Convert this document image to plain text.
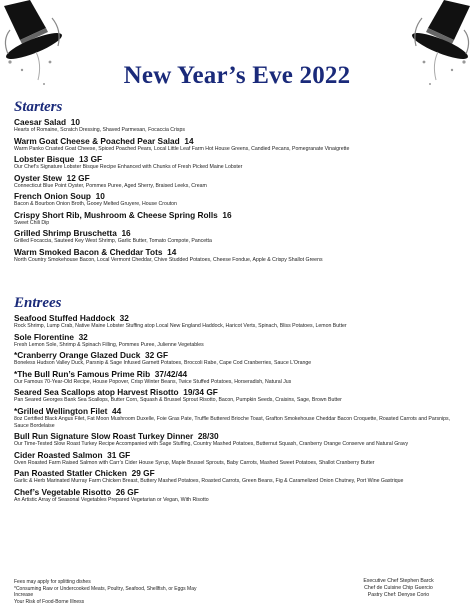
New Year’s Eve 2022
Starters
Caesar Salad 10
Hearts of Romaine, Scratch Dressing, Shaved Parmesan, Focaccia Crisps
Warm Goat Cheese & Poached Pear Salad 14
Warm Panko Crusted Goat Cheese, Spiced Poached Pears, Local Little Leaf Farm Hot House Greens, Candied Pecans, Pomegranate Vinaigrette
Lobster Bisque 13 GF
Our Chef’s Signature Lobster Bisque Recipe Enhanced with Chunks of Fresh Picked Maine Lobster
Oyster Stew 12 GF
Connecticut Blue Point Oyster, Pommes Puree, Aged Sherry, Braised Leeks, Cream
French Onion Soup 10
Bacon & Bourbon Onion Broth, Gooey Melted Gruyere, House Crouton
Crispy Short Rib, Mushroom & Cheese Spring Rolls 16
Sweet Chili Dip
Grilled Shrimp Bruschetta 16
Grilled Focaccia, Sauteed Key West Shrimp, Garlic Butter, Tomato Compote, Pancetta
Warm Smoked Bacon & Cheddar Tots 14
North Country Smokehouse Bacon, Local Vermont Cheddar, Chive Studded Potatoes, Cheese Fondue, Apple & Crispy Shallot Greens
Entrees
Seafood Stuffed Haddock 32
Rock Shrimp, Lump Crab, Native Maine Lobster Stuffing atop Local New England Haddock, Haricot Verts, Spinach, Bliss Potatoes, Lemon Butter
Sole Florentine 32
Fresh Lemon Sole, Shrimp & Spinach Filling, Pommes Puree, Julienne Vegetables
*Cranberry Orange Glazed Duck 32 GF
Boneless Hudson Valley Duck, Parsnip & Sage Infused Garnett Potatoes, Broccoli Rabe, Cape Cod Cranberries, Sauce L’Orange
*The Bull Run’s Famous Prime Rib 37/42/44
Our Famous 70-Year-Old Recipe, House Popover, Crisp Winter Beans, Twice Stuffed Potatoes, Horseradish, Natural Jus
Seared Sea Scallops atop Harvest Risotto 19/34 GF
Pan Seared Georges Bank Sea Scallops, Butter Corn, Squash & Brussel Sprout Risotto, Bacon, Pumpkin Seeds, Craisins, Sage, Brown Butter
*Grilled Wellington Filet 44
8oz Certified Black Angus Filet, Fat Moon Mushroom Duxelle, Foie Gras Pate, Truffle Buttered Brioche Toast, Grafton Smokehouse Cheddar Bacon Croquette, Roasted Carrots and Parsnips, Sauce Bordelaise
Bull Run Signature Slow Roast Turkey Dinner 28/30
Our Time-Tested Slow Roast Turkey Recipe Accompanied with Sage Stuffing, Country Mashed Potatoes, Butternut Squash, Cranberry Orange Conserve and Natural Gravy
Cider Roasted Salmon 31 GF
Oven Roasted Farm Raised Salmon with Carr’s Cider House Syrup, Maple Brussel Sprouts, Baby Carrots, Mashed Sweet Potatoes, Shallot Cranberry Butter
Pan Roasted Statler Chicken 29 GF
Garlic & Herb Marinated Murray Farm Chicken Breast, Buttery Mashed Potatoes, Roasted Carrots, Green Beans, Fig & Caramelized Onion Chutney, Port Wine Gastrique
Chef’s Vegetable Risotto 26 GF
An Artistic Array of Seasonal Vegetables Prepared Vegetarian or Vegan, With Risotto
Fees may apply for splitting dishes
*Consuming Raw or Undercooked Meats, Poultry, Seafood, Shellfish, or Eggs May Increase
Your Risk of Food-Borne Illness
Executive Chef Stephen Barck
Chef de Cuisine Chip Guercio
Pastry Chef: Denyse Corio
